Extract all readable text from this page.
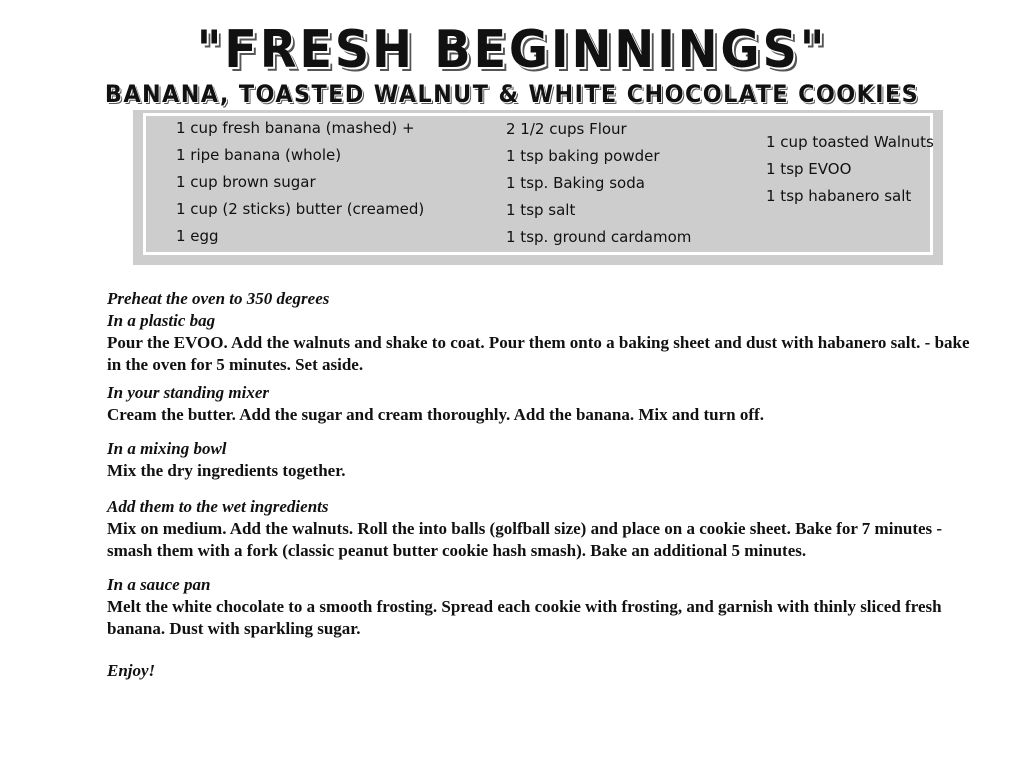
"FRESH BEGINNINGS"
BANANA, TOASTED WALNUT & WHITE CHOCOLATE COOKIES
1 cup fresh banana (mashed) +
1 ripe banana (whole)
1 cup brown sugar
1 cup (2 sticks) butter (creamed)
1 egg
2 1/2 cups Flour
1 tsp baking powder
1 tsp. Baking soda
1 tsp salt
1 tsp. ground cardamom
1 cup toasted Walnuts
1 tsp EVOO
1 tsp habanero salt
Preheat the oven to 350 degrees
In a plastic bag
Pour the EVOO. Add the walnuts and shake to coat. Pour them onto a baking sheet and dust with habanero salt. - bake in the oven for 5 minutes. Set aside.
In your standing mixer
Cream the butter. Add the sugar and cream thoroughly. Add the banana. Mix and turn off.
In a mixing bowl
Mix the dry ingredients together.
Add them to the wet ingredients
Mix on medium. Add the walnuts. Roll the into balls (golfball size) and place on a cookie sheet. Bake for 7 minutes - smash them with a fork (classic peanut butter cookie hash smash). Bake an additional 5 minutes.
In a sauce pan
Melt the white chocolate to a smooth frosting. Spread each cookie with frosting, and garnish with thinly sliced fresh banana. Dust with sparkling sugar.
Enjoy!
